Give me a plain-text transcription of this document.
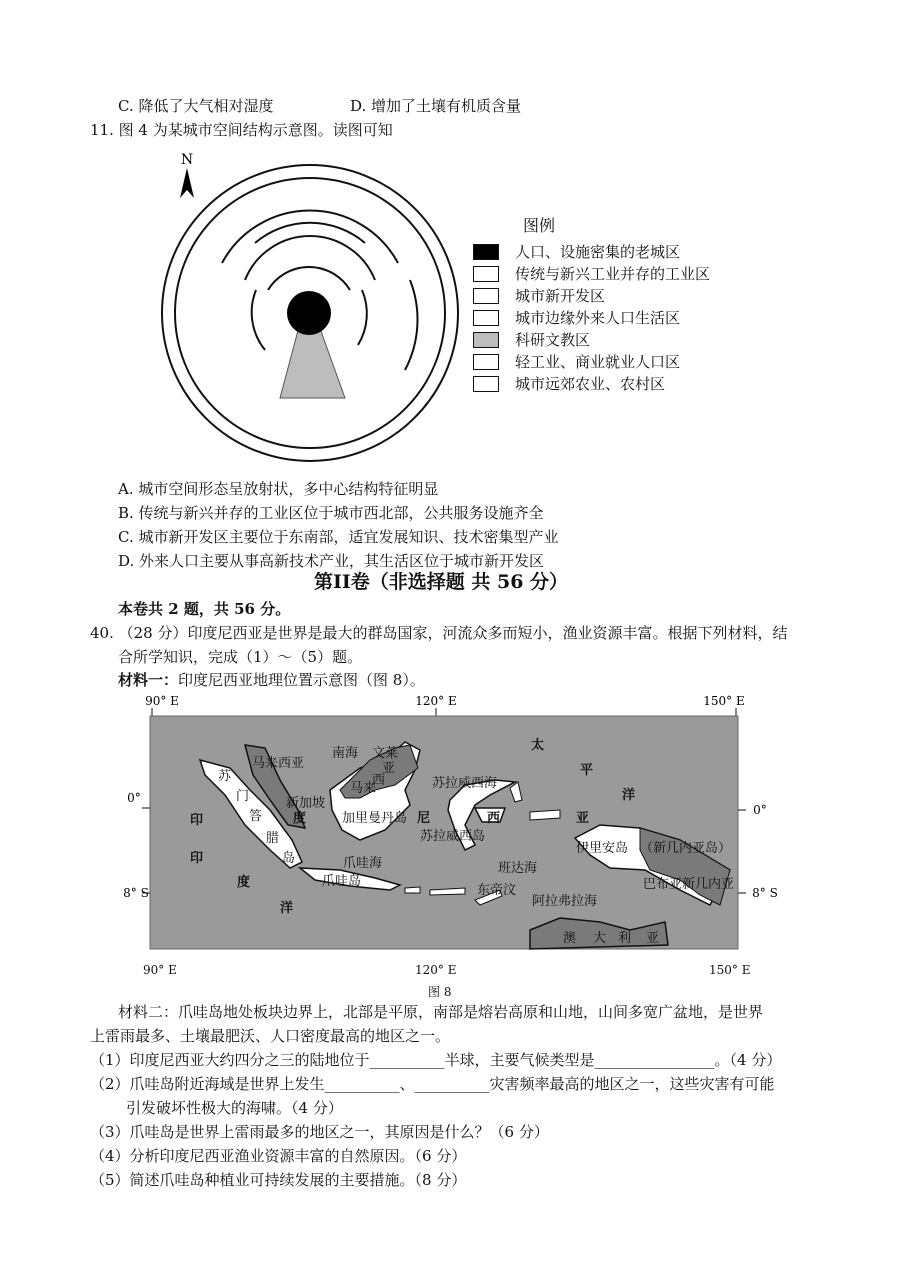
C. 降低了大气相对湿度	D. 增加了土壤有机质含量
11. 图 4 为某城市空间结构示意图。读图可知
N
图例
人口、设施密集的老城区
传统与新兴工业并存的工业区
城市新开发区
城市边缘外来人口生活区
科研文教区
轻工业、商业就业人口区
城市远郊农业、农村区
A. 城市空间形态呈放射状，多中心结构特征明显
B. 传统与新兴并存的工业区位于城市西北部，公共服务设施齐全
C. 城市新开发区主要位于东南部，适宜发展知识、技术密集型产业
D. 外来人口主要从事高新技术产业，其生活区位于城市新开发区
第II卷（非选择题 共 56 分）
本卷共 2 题，共 56 分。
40. （28 分）印度尼西亚是世界是最大的群岛国家，河流众多而短小，渔业资源丰富。根据下列材料，结
合所学知识，完成（1）～（5）题。
材料一：印度尼西亚地理位置示意图（图 8）。
90° E	120° E	150° E
0°
8° S
0°
8° S
马来西亚
南海 文莱
亚
马来
西	苏拉威西海
太
平
洋
苏
门
答
腊
岛
新加坡
加里曼丹岛
度	尼	西	亚
苏拉威西岛
爪哇海
爪哇岛
班达海
东帝汶
阿拉弗拉海
伊里安岛 （新几内亚岛）
巴布亚新几内亚
澳 大 利 亚
印
印
度
洋
90° E	120° E	150° E
图 8
材料二：爪哇岛地处板块边界上，北部是平原，南部是熔岩高原和山地，山间多宽广盆地，是世界
上雷雨最多、土壤最肥沃、人口密度最高的地区之一。
（1）印度尼西亚大约四分之三的陆地位于__________半球，主要气候类型是________________。（4 分）
（2）爪哇岛附近海域是世界上发生__________、__________灾害频率最高的地区之一，这些灾害有可能
引发破坏性极大的海啸。（4 分）
（3）爪哇岛是世界上雷雨最多的地区之一，其原因是什么？（6 分）
（4）分析印度尼西亚渔业资源丰富的自然原因。（6 分）
（5）简述爪哇岛种植业可持续发展的主要措施。（8 分）
